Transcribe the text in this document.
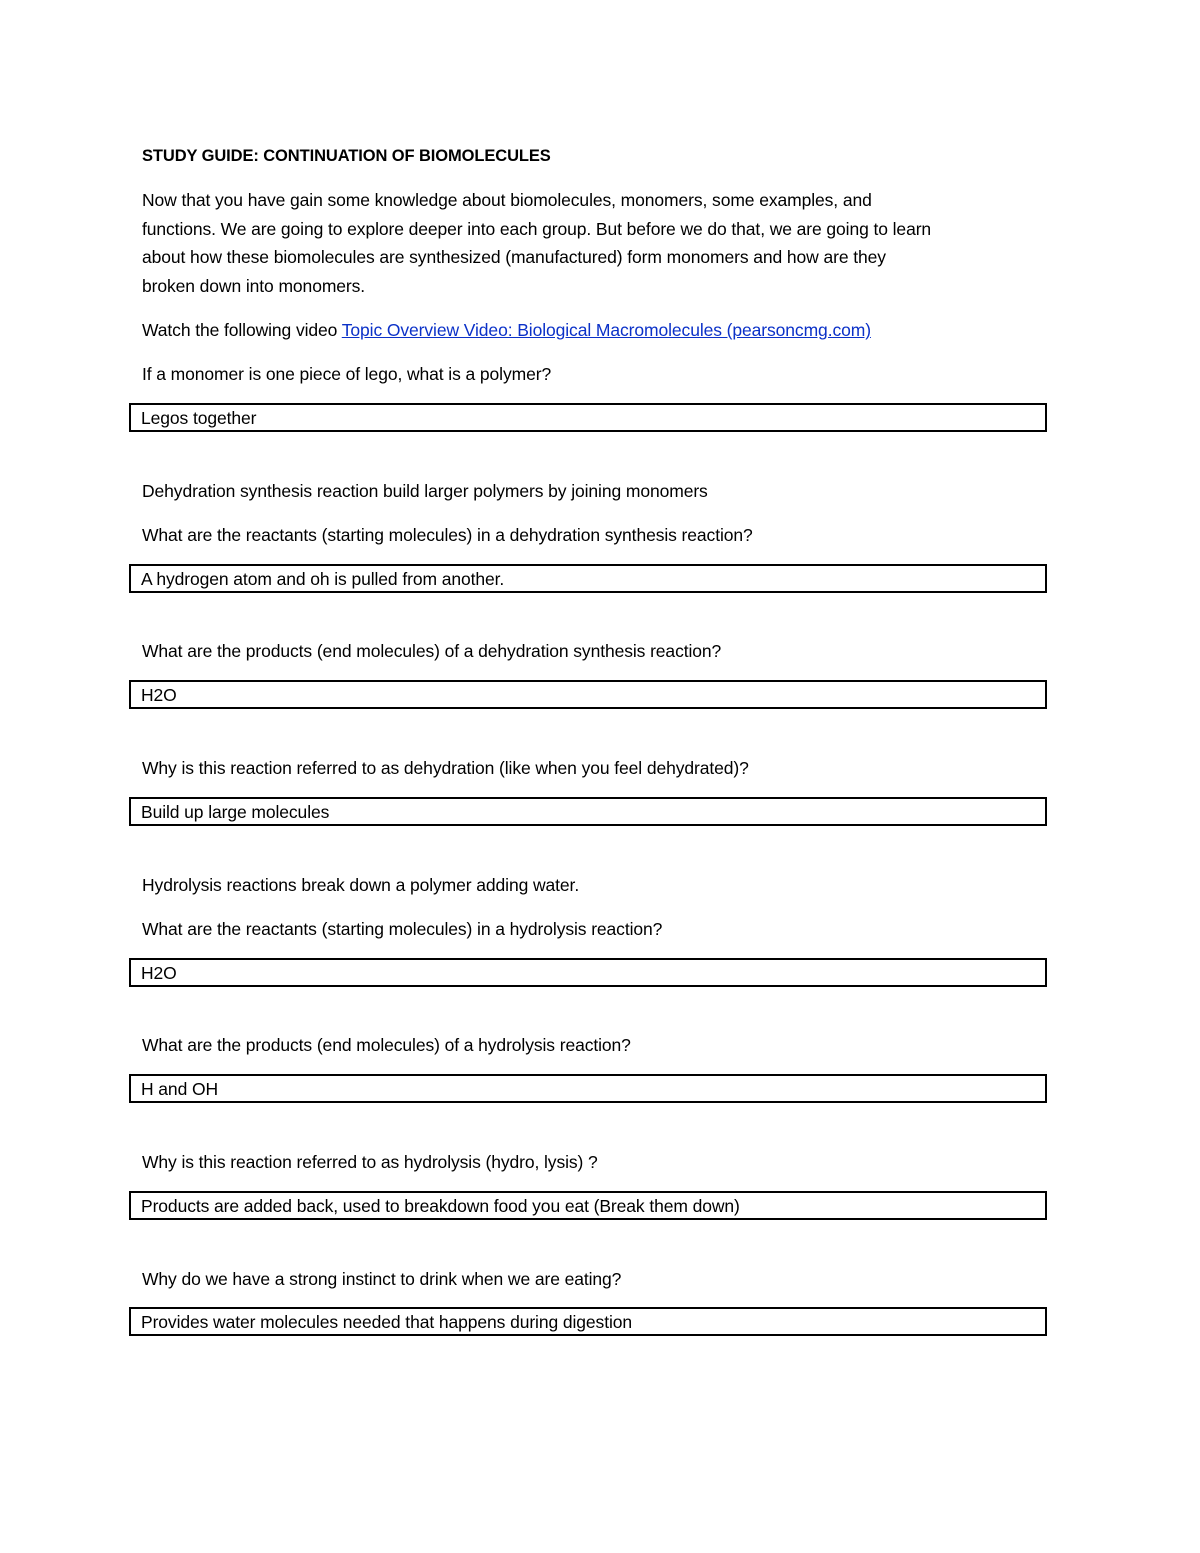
STUDY GUIDE: CONTINUATION OF BIOMOLECULES
Now that you have gain some knowledge about biomolecules, monomers, some examples, and
functions. We are going to explore deeper into each group. But before we do that, we are going to learn
about how these biomolecules are synthesized (manufactured) form monomers and how are they
broken down into monomers.
Watch the following video Topic Overview Video: Biological Macromolecules (pearsoncmg.com)
If a monomer is one piece of lego, what is a polymer?
Legos together
Dehydration synthesis reaction build larger polymers by joining monomers
What are the reactants (starting molecules) in a dehydration synthesis reaction?
A hydrogen atom and oh is pulled from another.
What are the products (end molecules) of a dehydration synthesis reaction?
H2O
Why is this reaction referred to as dehydration (like when you feel dehydrated)?
Build up large molecules
Hydrolysis reactions break down a polymer adding water.
What are the reactants (starting molecules) in a hydrolysis reaction?
H2O
What are the products (end molecules) of a hydrolysis reaction?
H and OH
Why is this reaction referred to as hydrolysis (hydro, lysis) ?
Products are added back, used to breakdown food you eat (Break them down)
Why do we have a strong instinct to drink when we are eating?
Provides water molecules needed that happens during digestion
